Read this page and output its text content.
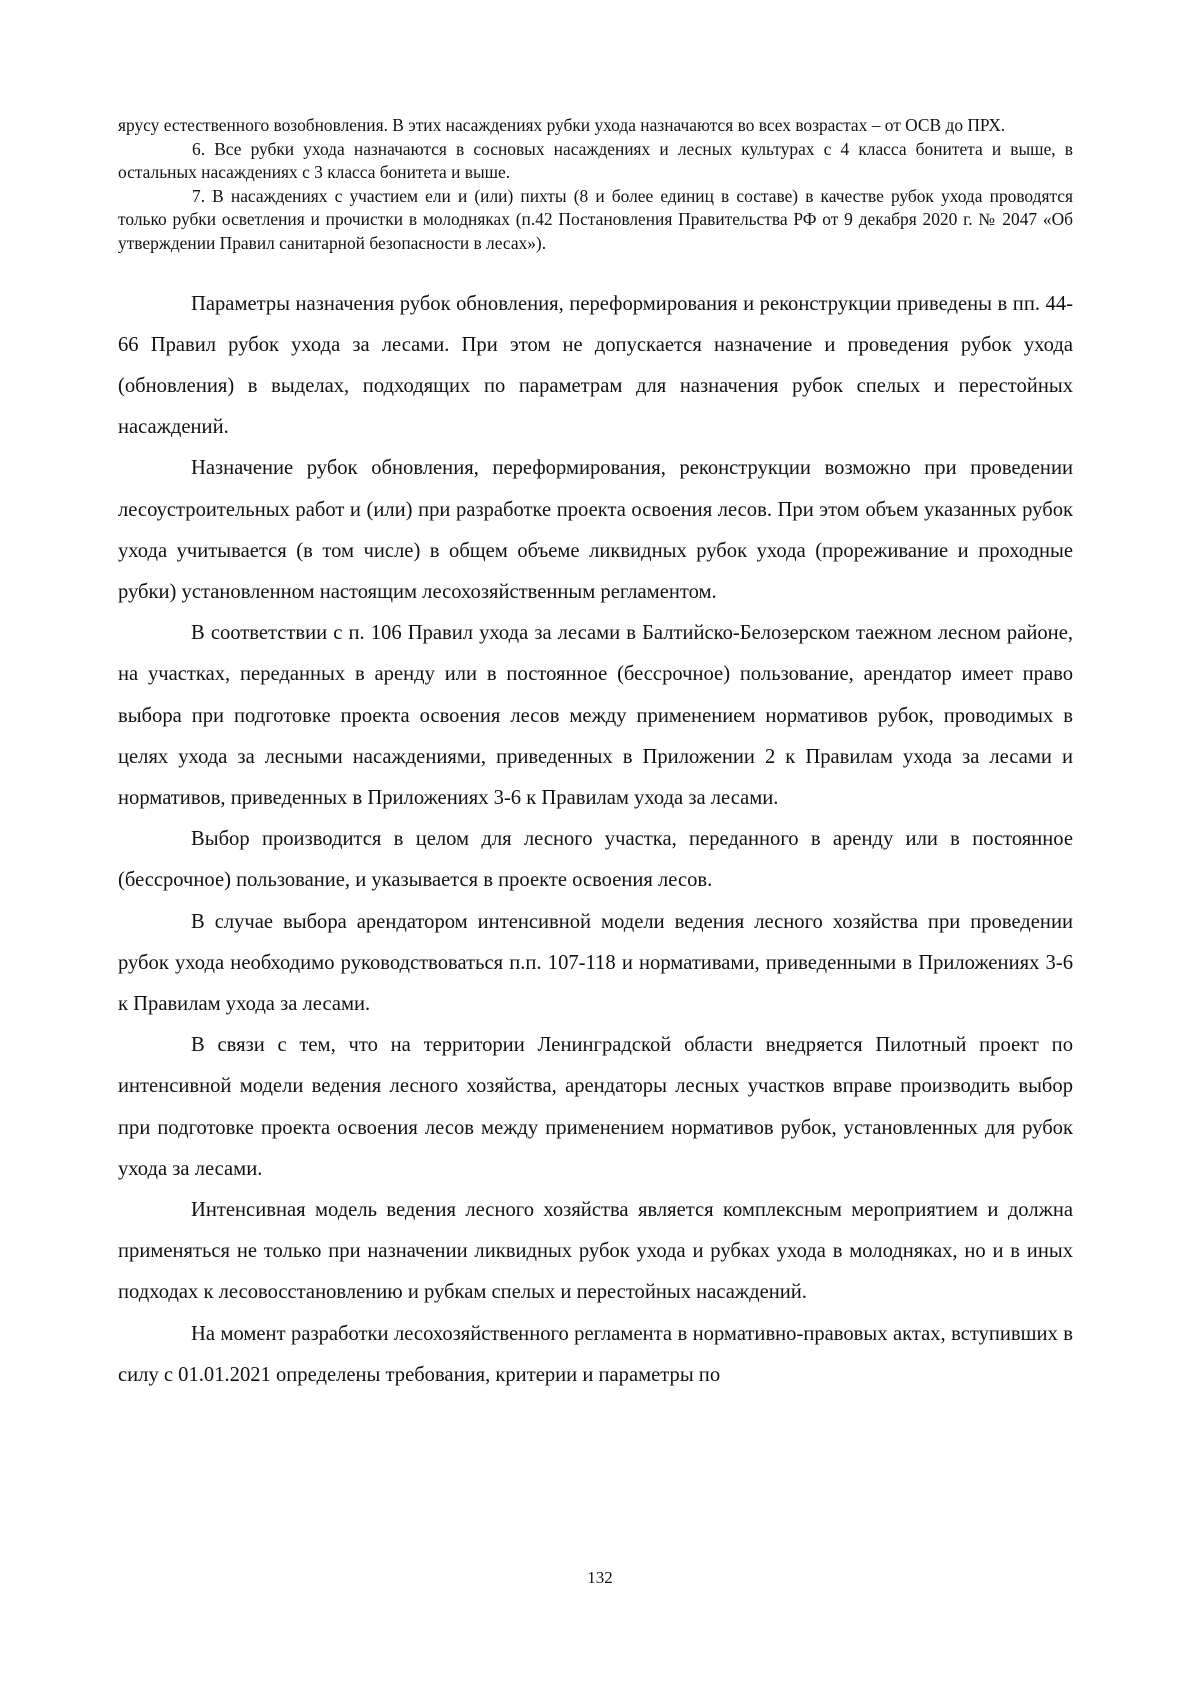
ярусу естественного возобновления. В этих насаждениях рубки ухода назначаются во всех возрастах – от ОСВ до ПРХ.

6. Все рубки ухода назначаются в сосновых насаждениях и лесных культурах с 4 класса бонитета и выше, в остальных насаждениях с 3 класса бонитета и выше.

7. В насаждениях с участием ели и (или) пихты (8 и более единиц в составе) в качестве рубок ухода проводятся только рубки осветления и прочистки в молодняках (п.42 Постановления Правительства РФ от 9 декабря 2020 г. № 2047 «Об утверждении Правил санитарной безопасности в лесах»).

Параметры назначения рубок обновления, переформирования и реконструкции приведены в пп. 44-66 Правил рубок ухода за лесами. При этом не допускается назначение и проведения рубок ухода (обновления) в выделах, подходящих по параметрам для назначения рубок спелых и перестойных насаждений.

Назначение рубок обновления, переформирования, реконструкции возможно при проведении лесоустроительных работ и (или) при разработке проекта освоения лесов. При этом объем указанных рубок ухода учитывается (в том числе) в общем объеме ликвидных рубок ухода (прореживание и проходные рубки) установленном настоящим лесохозяйственным регламентом.

В соответствии с п. 106 Правил ухода за лесами в Балтийско-Белозерском таежном лесном районе, на участках, переданных в аренду или в постоянное (бессрочное) пользование, арендатор имеет право выбора при подготовке проекта освоения лесов между применением нормативов рубок, проводимых в целях ухода за лесными насаждениями, приведенных в Приложении 2 к Правилам ухода за лесами и нормативов, приведенных в Приложениях 3-6 к Правилам ухода за лесами.

Выбор производится в целом для лесного участка, переданного в аренду или в постоянное (бессрочное) пользование, и указывается в проекте освоения лесов.

В случае выбора арендатором интенсивной модели ведения лесного хозяйства при проведении рубок ухода необходимо руководствоваться п.п. 107-118 и нормативами, приведенными в Приложениях 3-6 к Правилам ухода за лесами.

В связи с тем, что на территории Ленинградской области внедряется Пилотный проект по интенсивной модели ведения лесного хозяйства, арендаторы лесных участков вправе производить выбор при подготовке проекта освоения лесов между применением нормативов рубок, установленных для рубок ухода за лесами.

Интенсивная модель ведения лесного хозяйства является комплексным мероприятием и должна применяться не только при назначении ликвидных рубок ухода и рубках ухода в молодняках, но и в иных подходах к лесовосстановлению и рубкам спелых и перестойных насаждений.

На момент разработки лесохозяйственного регламента в нормативно-правовых актах, вступивших в силу с 01.01.2021 определены требования, критерии и параметры по

132
